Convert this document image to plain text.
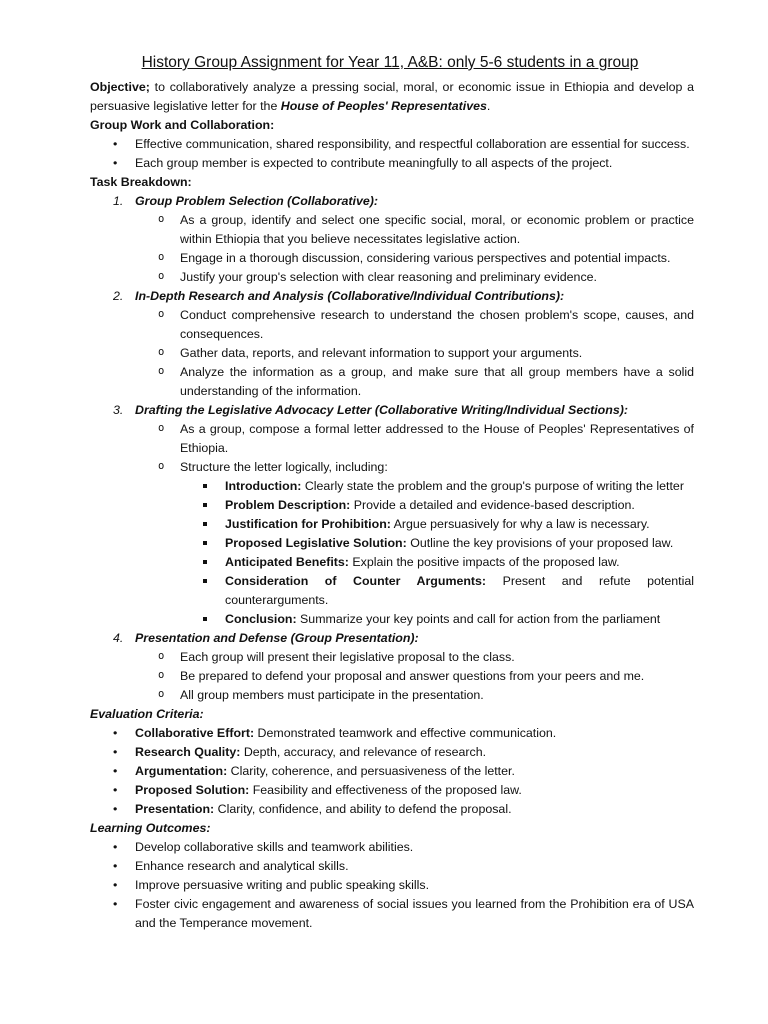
History Group Assignment for Year 11, A&B: only 5-6 students in a group

Objective; to collaboratively analyze a pressing social, moral, or economic issue in Ethiopia and develop a persuasive legislative letter for the House of Peoples' Representatives.

Group Work and Collaboration:

• Effective communication, shared responsibility, and respectful collaboration are essential for success.
• Each group member is expected to contribute meaningfully to all aspects of the project.

Task Breakdown:

1. Group Problem Selection (Collaborative):
o As a group, identify and select one specific social, moral, or economic problem or practice within Ethiopia that you believe necessitates legislative action.
o Engage in a thorough discussion, considering various perspectives and potential impacts.
o Justify your group's selection with clear reasoning and preliminary evidence.
2. In-Depth Research and Analysis (Collaborative/Individual Contributions):
o Conduct comprehensive research to understand the chosen problem's scope, causes, and consequences.
o Gather data, reports, and relevant information to support your arguments.
o Analyze the information as a group, and make sure that all group members have a solid understanding of the information.
3. Drafting the Legislative Advocacy Letter (Collaborative Writing/Individual Sections):
o As a group, compose a formal letter addressed to the House of Peoples' Representatives of Ethiopia.
o Structure the letter logically, including:
Introduction: Clearly state the problem and the group's purpose of writing the letter
Problem Description: Provide a detailed and evidence-based description.
Justification for Prohibition: Argue persuasively for why a law is necessary.
Proposed Legislative Solution: Outline the key provisions of your proposed law.
Anticipated Benefits: Explain the positive impacts of the proposed law.
Consideration of Counter Arguments: Present and refute potential counterarguments.
Conclusion: Summarize your key points and call for action from the parliament
4. Presentation and Defense (Group Presentation):
o Each group will present their legislative proposal to the class.
o Be prepared to defend your proposal and answer questions from your peers and me.
o All group members must participate in the presentation.

Evaluation Criteria:

• Collaborative Effort: Demonstrated teamwork and effective communication.
• Research Quality: Depth, accuracy, and relevance of research.
• Argumentation: Clarity, coherence, and persuasiveness of the letter.
• Proposed Solution: Feasibility and effectiveness of the proposed law.
• Presentation: Clarity, confidence, and ability to defend the proposal.

Learning Outcomes:

• Develop collaborative skills and teamwork abilities.
• Enhance research and analytical skills.
• Improve persuasive writing and public speaking skills.
• Foster civic engagement and awareness of social issues you learned from the Prohibition era of USA and the Temperance movement.
